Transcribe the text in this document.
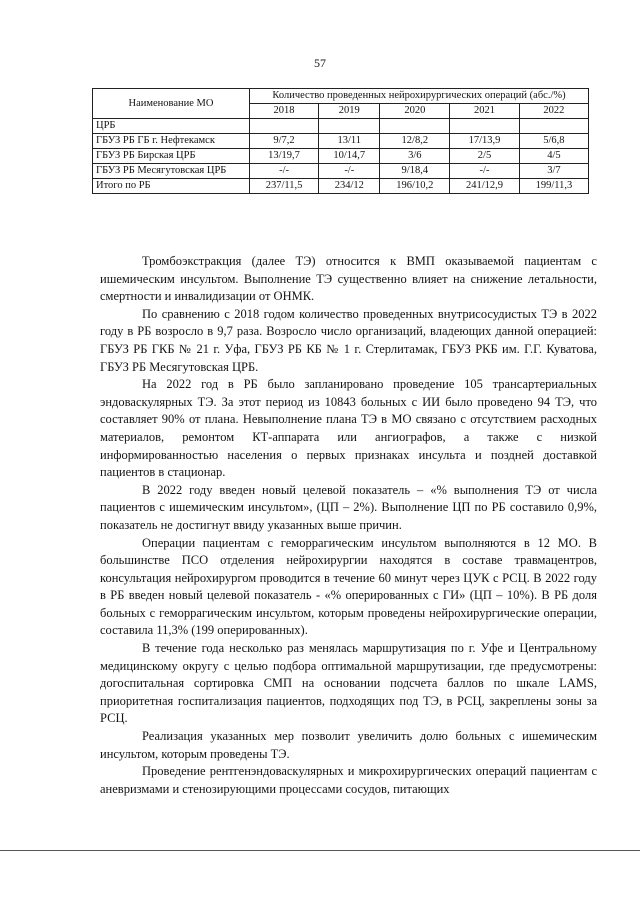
57
Наименование МО	Количество проведенных нейрохирургических операций (абс./%)				
	2018	2019	2020	2021	2022
ЦРБ					
ГБУЗ РБ ГБ г. Нефтекамск	9/7,2	13/11	12/8,2	17/13,9	5/6,8
ГБУЗ РБ Бирская ЦРБ	13/19,7	10/14,7	3/6	2/5	4/5
ГБУЗ РБ Месягутовская ЦРБ	-/-	-/-	9/18,4	-/-	3/7
Итого по РБ	237/11,5	234/12	196/10,2	241/12,9	199/11,3

Тромбоэкстракция (далее ТЭ) относится к ВМП оказываемой пациентам с ишемическим инсультом. Выполнение ТЭ существенно влияет на снижение летальности, смертности и инвалидизации от ОНМК.

По сравнению с 2018 годом количество проведенных внутрисосудистых ТЭ в 2022 году в РБ возросло в 9,7 раза. Возросло число организаций, владеющих данной операцией: ГБУЗ РБ ГКБ № 21 г. Уфа, ГБУЗ РБ КБ № 1 г. Стерлитамак, ГБУЗ РКБ им. Г.Г. Куватова, ГБУЗ РБ Месягутовская ЦРБ.

На 2022 год в РБ было запланировано проведение 105 трансартериальных эндоваскулярных ТЭ. За этот период из 10843 больных с ИИ было проведено 94 ТЭ, что составляет 90% от плана. Невыполнение плана ТЭ в МО связано с отсутствием расходных материалов, ремонтом КТ-аппарата или ангиографов, а также с низкой информированностью населения о первых признаках инсульта и поздней доставкой пациентов в стационар.

В 2022 году введен новый целевой показатель – «% выполнения ТЭ от числа пациентов с ишемическим инсультом», (ЦП – 2%). Выполнение ЦП по РБ составило 0,9%, показатель не достигнут ввиду указанных выше причин.

Операции пациентам с геморрагическим инсультом выполняются в 12 МО. В большинстве ПСО отделения нейрохирургии находятся в составе травмацентров, консультация нейрохирургом проводится в течение 60 минут через ЦУК с РСЦ. В 2022 году в РБ введен новый целевой показатель - «% оперированных с ГИ» (ЦП – 10%). В РБ доля больных с геморрагическим инсультом, которым проведены нейрохирургические операции, составила 11,3% (199 оперированных).

В течение года несколько раз менялась маршрутизация по г. Уфе и Центральному медицинскому округу с целью подбора оптимальной маршрутизации, где предусмотрены: догоспитальная сортировка СМП на основании подсчета баллов по шкале LAMS, приоритетная госпитализация пациентов, подходящих под ТЭ, в РСЦ, закреплены зоны за РСЦ.

Реализация указанных мер позволит увеличить долю больных с ишемическим инсультом, которым проведены ТЭ.

Проведение рентгенэндоваскулярных и микрохирургических операций пациентам с аневризмами и стенозирующими процессами сосудов, питающих
